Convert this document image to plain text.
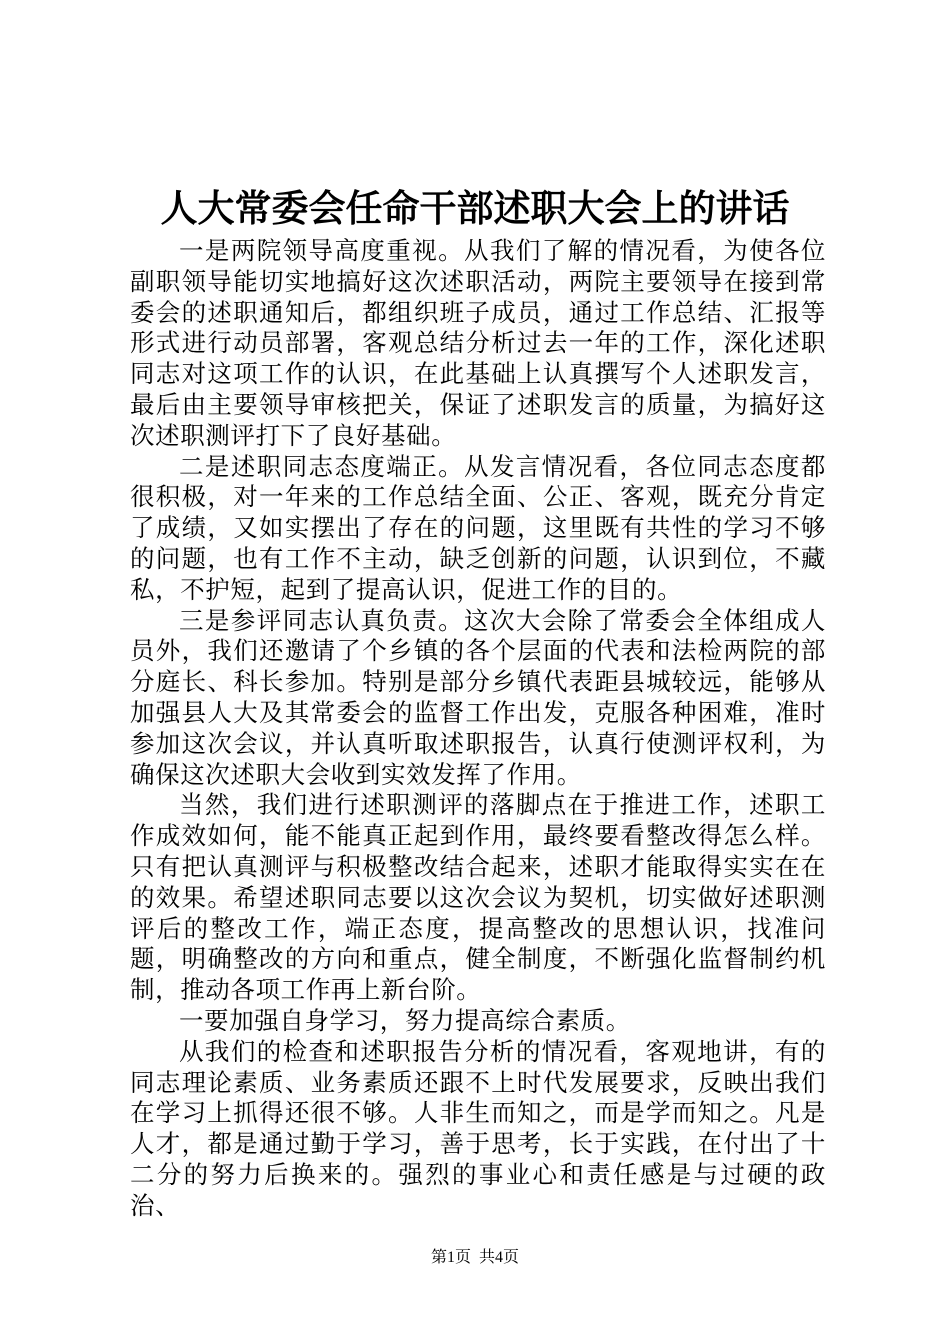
人大常委会任命干部述职大会上的讲话

一是两院领导高度重视。从我们了解的情况看，为使各位副职领导能切实地搞好这次述职活动，两院主要领导在接到常委会的述职通知后，都组织班子成员，通过工作总结、汇报等形式进行动员部署，客观总结分析过去一年的工作，深化述职同志对这项工作的认识，在此基础上认真撰写个人述职发言，最后由主要领导审核把关，保证了述职发言的质量，为搞好这次述职测评打下了良好基础。

二是述职同志态度端正。从发言情况看，各位同志态度都很积极，对一年来的工作总结全面、公正、客观，既充分肯定了成绩，又如实摆出了存在的问题，这里既有共性的学习不够的问题，也有工作不主动，缺乏创新的问题，认识到位，不藏私，不护短，起到了提高认识，促进工作的目的。

三是参评同志认真负责。这次大会除了常委会全体组成人员外，我们还邀请了个乡镇的各个层面的代表和法检两院的部分庭长、科长参加。特别是部分乡镇代表距县城较远，能够从加强县人大及其常委会的监督工作出发，克服各种困难，准时参加这次会议，并认真听取述职报告，认真行使测评权利，为确保这次述职大会收到实效发挥了作用。

当然，我们进行述职测评的落脚点在于推进工作，述职工作成效如何，能不能真正起到作用，最终要看整改得怎么样。只有把认真测评与积极整改结合起来，述职才能取得实实在在的效果。希望述职同志要以这次会议为契机，切实做好述职测评后的整改工作，端正态度，提高整改的思想认识，找准问题，明确整改的方向和重点，健全制度，不断强化监督制约机制，推动各项工作再上新台阶。

一要加强自身学习，努力提高综合素质。

从我们的检查和述职报告分析的情况看，客观地讲，有的同志理论素质、业务素质还跟不上时代发展要求，反映出我们在学习上抓得还很不够。人非生而知之，而是学而知之。凡是人才，都是通过勤于学习，善于思考，长于实践，在付出了十二分的努力后换来的。强烈的事业心和责任感是与过硬的政治、

第1页 共4页
